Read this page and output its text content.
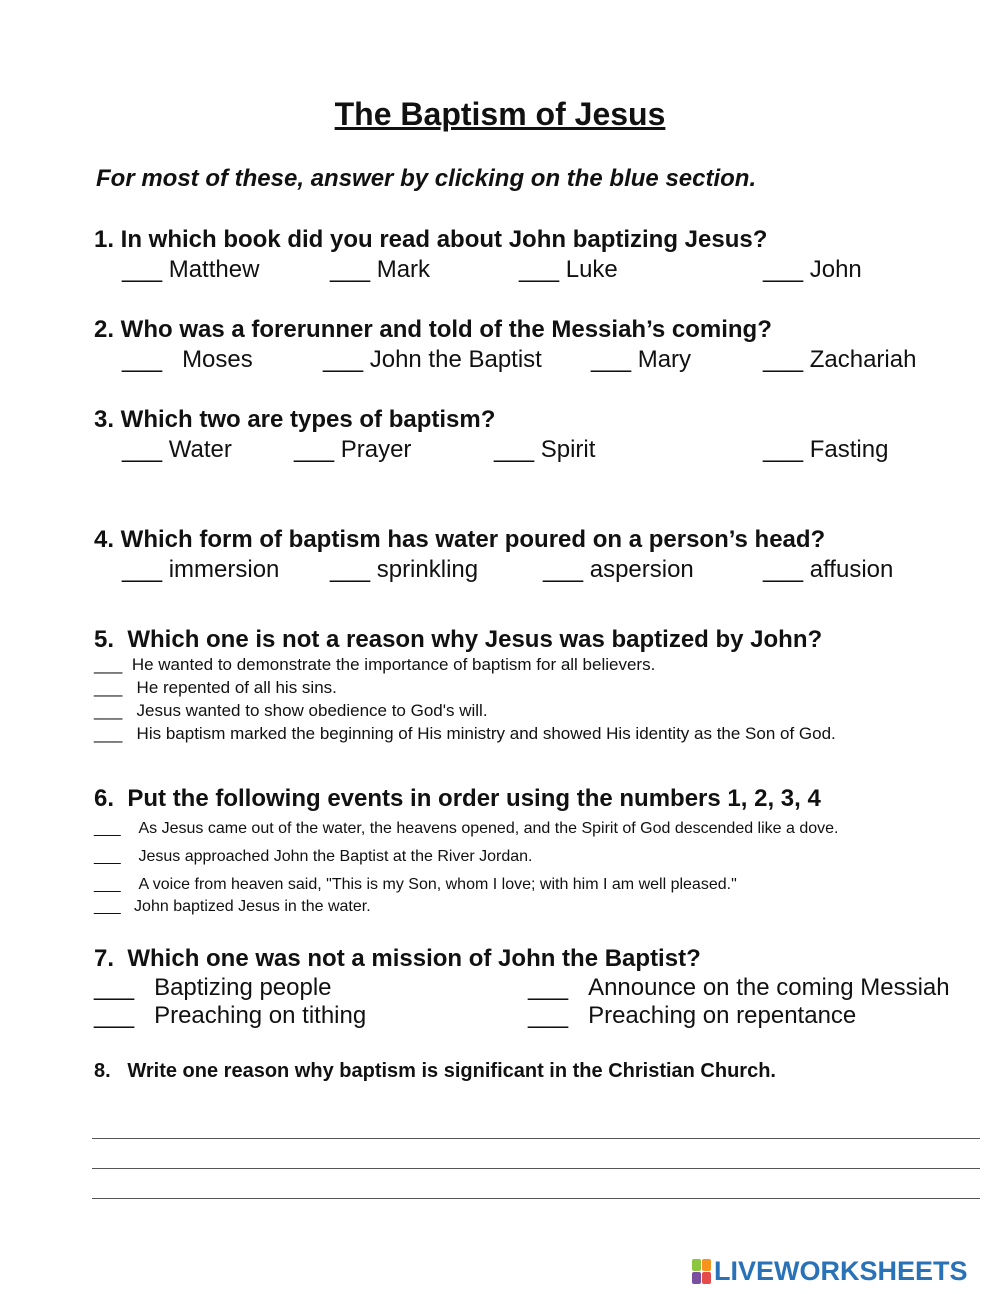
The Baptism of Jesus
For most of these, answer by clicking on the blue section.
1. In which book did you read about John baptizing Jesus?
___ Matthew	___ Mark	___ Luke	___ John
2. Who was a forerunner and told of the Messiah’s coming?
___ Moses	___ John the Baptist ___ Mary	___ Zachariah
3. Which two are types of baptism?
___ Water	___ Prayer	___ Spirit	___ Fasting
4. Which form of baptism has water poured on a person’s head?
___ immersion ___ sprinkling	___ aspersion	___ affusion
5. Which one is not a reason why Jesus was baptized by John?
___ He wanted to demonstrate the importance of baptism for all believers.
___ He repented of all his sins.
___ Jesus wanted to show obedience to God's will.
___ His baptism marked the beginning of His ministry and showed His identity as the Son of God.
6. Put the following events in order using the numbers 1, 2, 3, 4
___ As Jesus came out of the water, the heavens opened, and the Spirit of God descended like a dove.
___ Jesus approached John the Baptist at the River Jordan.
___ A voice from heaven said, "This is my Son, whom I love; with him I am well pleased."
___ John baptized Jesus in the water.
7. Which one was not a mission of John the Baptist?
___ Baptizing people	___ Announce on the coming Messiah
___ Preaching on tithing	___ Preaching on repentance
8. Write one reason why baptism is significant in the Christian Church.
LIVEWORKSHEETS
